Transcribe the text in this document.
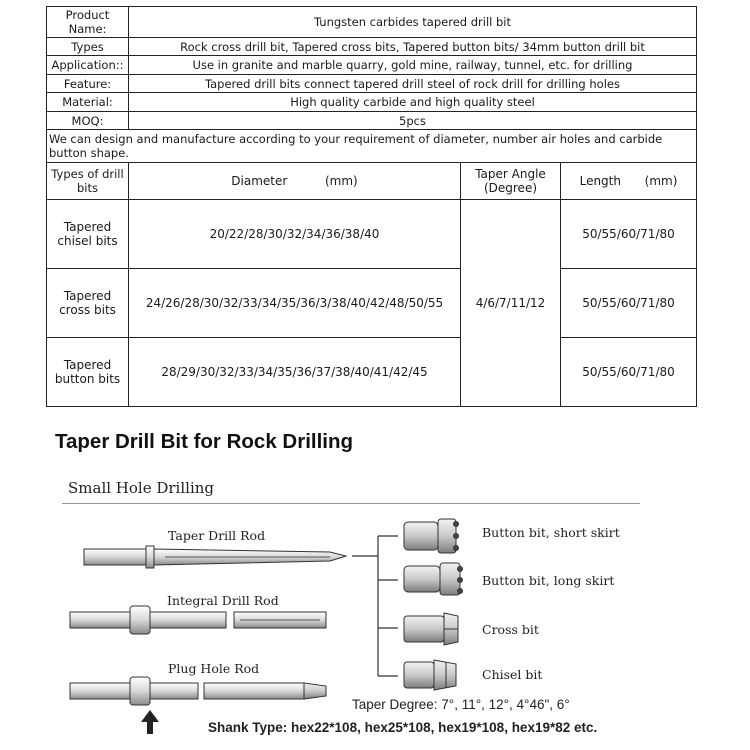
Product Name:	Tungsten carbides tapered drill bit		
Types	Rock cross drill bit, Tapered cross bits, Tapered button bits/ 34mm button drill bit		
Application::	Use in granite and marble quarry, gold mine, railway, tunnel, etc. for drilling		
Feature:	Tapered drill bits connect tapered drill steel of rock drill for drilling holes		
Material:	High quality carbide and high quality steel		
MOQ:	5pcs		
We can design and manufacture according to your requirement of diameter, number air holes and carbide button shape.			
Types of drill bits	Diameter (mm)	Taper Angle (Degree)	Length (mm)
Tapered chisel bits	20/22/28/30/32/34/36/38/40	4/6/7/11/12	50/55/60/71/80
Tapered cross bits	24/26/28/30/32/33/34/35/36/3/38/40/42/48/50/55		50/55/60/71/80
Tapered button bits	28/29/30/32/33/34/35/36/37/38/40/41/42/45		50/55/60/71/80
Taper Drill Bit for Rock Drilling
Small Hole Drilling
Taper Drill Rod
Integral Drill Rod
Plug Hole Rod
Button bit, short skirt
Button bit, long skirt
Cross bit
Chisel bit
Taper Degree: 7°, 11°, 12°, 4°46", 6°
Shank Type: hex22*108, hex25*108, hex19*108, hex19*82 etc.
